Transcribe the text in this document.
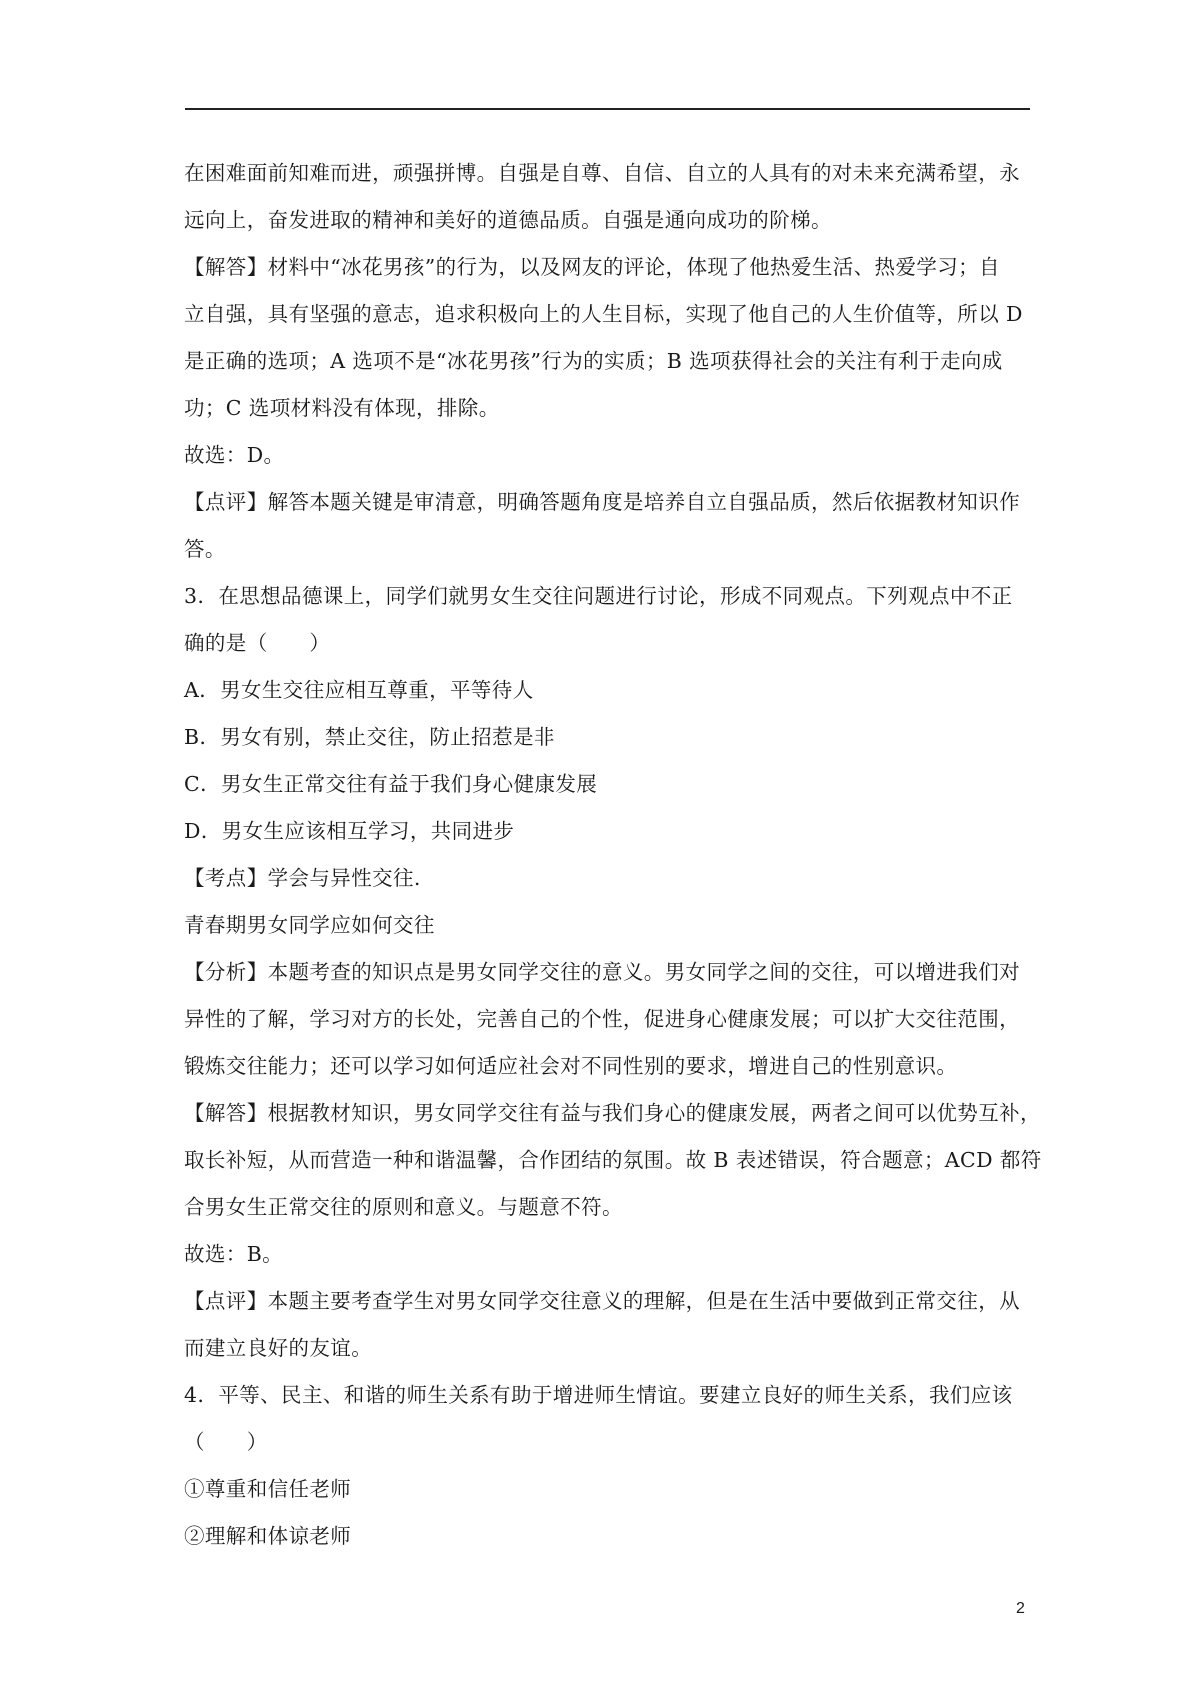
在困难面前知难而进，顽强拼博。自强是自尊、自信、自立的人具有的对未来充满希望，永
远向上，奋发进取的精神和美好的道德品质。自强是通向成功的阶梯。
【解答】材料中“冰花男孩”的行为，以及网友的评论，体现了他热爱生活、热爱学习；自
立自强，具有坚强的意志，追求积极向上的人生目标，实现了他自己的人生价值等，所以 D
是正确的选项；A 选项不是“冰花男孩”行为的实质；B 选项获得社会的关注有利于走向成
功；C 选项材料没有体现，排除。
故选：D。
【点评】解答本题关键是审清意，明确答题角度是培养自立自强品质，然后依据教材知识作
答。
3．在思想品德课上，同学们就男女生交往问题进行讨论，形成不同观点。下列观点中不正
确的是（　　）
A．男女生交往应相互尊重，平等待人
B．男女有别，禁止交往，防止招惹是非
C．男女生正常交往有益于我们身心健康发展
D．男女生应该相互学习，共同进步
【考点】学会与异性交往.
青春期男女同学应如何交往
【分析】本题考查的知识点是男女同学交往的意义。男女同学之间的交往，可以增进我们对
异性的了解，学习对方的长处，完善自己的个性，促进身心健康发展；可以扩大交往范围，
锻炼交往能力；还可以学习如何适应社会对不同性别的要求，增进自己的性别意识。
【解答】根据教材知识，男女同学交往有益与我们身心的健康发展，两者之间可以优势互补，
取长补短，从而营造一种和谐温馨，合作团结的氛围。故 B 表述错误，符合题意；ACD 都符
合男女生正常交往的原则和意义。与题意不符。
故选：B。
【点评】本题主要考查学生对男女同学交往意义的理解，但是在生活中要做到正常交往，从
而建立良好的友谊。
4．平等、民主、和谐的师生关系有助于增进师生情谊。要建立良好的师生关系，我们应该
（　　）
①尊重和信任老师
②理解和体谅老师
2
